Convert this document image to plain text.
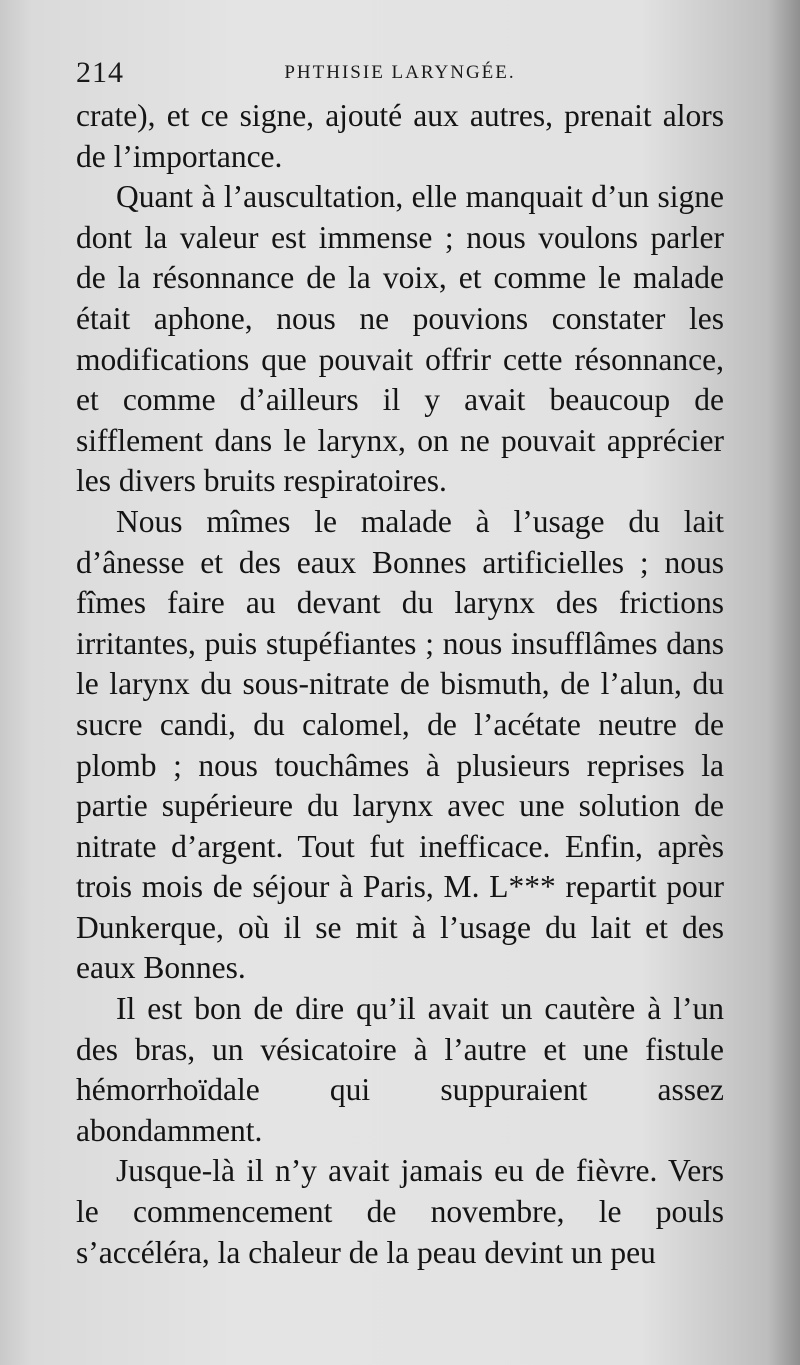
214	PHTHISIE LARYNGÉE.

crate), et ce signe, ajouté aux autres, prenait alors de l’importance.

Quant à l’auscultation, elle manquait d’un signe dont la valeur est immense ; nous voulons parler de la résonnance de la voix, et comme le malade était aphone, nous ne pouvions constater les modifications que pouvait offrir cette résonnance, et comme d’ailleurs il y avait beaucoup de sifflement dans le larynx, on ne pouvait apprécier les divers bruits respiratoires.

Nous mîmes le malade à l’usage du lait d’ânesse et des eaux Bonnes artificielles ; nous fîmes faire au devant du larynx des frictions irritantes, puis stupéfiantes ; nous insufflâmes dans le larynx du sous-nitrate de bismuth, de l’alun, du sucre candi, du calomel, de l’acétate neutre de plomb ; nous touchâmes à plusieurs reprises la partie supérieure du larynx avec une solution de nitrate d’argent. Tout fut inefficace. Enfin, après trois mois de séjour à Paris, M. L*** repartit pour Dunkerque, où il se mit à l’usage du lait et des eaux Bonnes.

Il est bon de dire qu’il avait un cautère à l’un des bras, un vésicatoire à l’autre et une fistule hémorrhoïdale qui suppuraient assez abondamment.

Jusque-là il n’y avait jamais eu de fièvre. Vers le commencement de novembre, le pouls s’accéléra, la chaleur de la peau devint un peu
